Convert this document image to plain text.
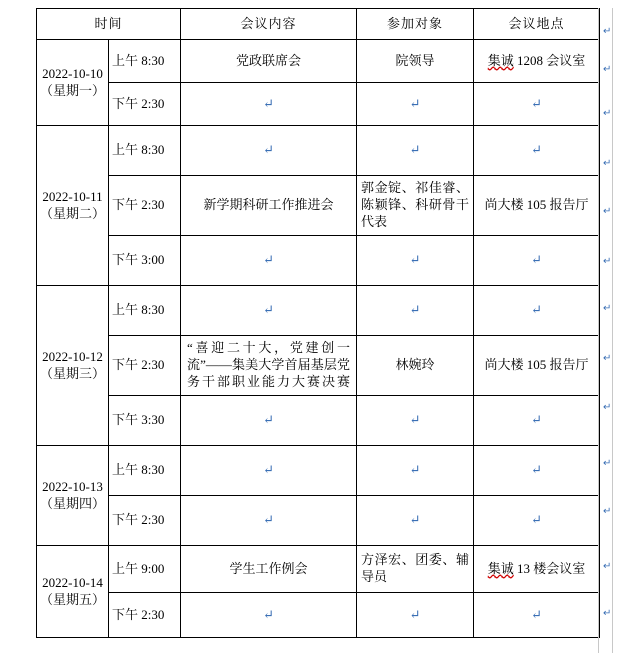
时间		会议内容	参加对象	会议地点

2022-10-10
（星期一）	上午 8:30	党政联席会	院领导	集诚 1208 会议室
	下午 2:30	↵	↵	↵

2022-10-11
（星期二）	上午 8:30	↵	↵	↵
	下午 2:30	新学期科研工作推进会	郭金锭、祁佳睿、陈颖锋、科研骨干代表	尚大楼 105 报告厅
	下午 3:00	↵	↵	↵

2022-10-12
（星期三）	上午 8:30	↵	↵	↵
	下午 2:30	“喜迎二十大，党建创一流”——集美大学首届基层党务干部职业能力大赛决赛	林婉玲	尚大楼 105 报告厅
	下午 3:30	↵	↵	↵

2022-10-13
（星期四）	上午 8:30	↵	↵	↵
	下午 2:30	↵	↵	↵

2022-10-14
（星期五）	上午 9:00	学生工作例会	方泽宏、团委、辅导员	集诚 13 楼会议室
	下午 2:30	↵	↵	↵
↵
↵
↵
↵
↵
↵
↵
↵
↵
↵
↵
↵
↵
